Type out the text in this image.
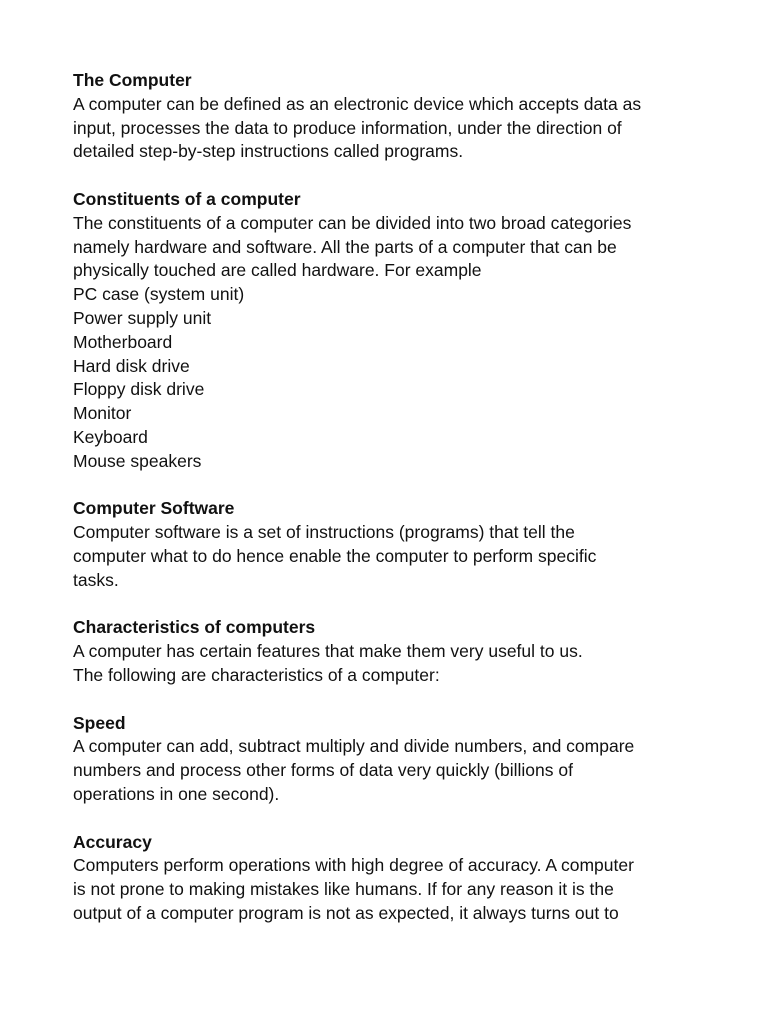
The Computer
A computer can be defined as an electronic device which accepts data as
input, processes the data to produce information, under the direction of
detailed step-by-step instructions called programs.
Constituents of a computer
The constituents of a computer can be divided into two broad categories
namely hardware and software. All the parts of a computer that can be
physically touched are called hardware. For example
PC case (system unit)
Power supply unit
Motherboard
Hard disk drive
Floppy disk drive
Monitor
Keyboard
Mouse speakers
Computer Software
Computer software is a set of instructions (programs) that tell the
computer what to do hence enable the computer to perform specific
tasks.
Characteristics of computers
A computer has certain features that make them very useful to us.
The following are characteristics of a computer:
Speed
A computer can add, subtract multiply and divide numbers, and compare
numbers and process other forms of data very quickly (billions of
operations in one second).
Accuracy
Computers perform operations with high degree of accuracy. A computer
is not prone to making mistakes like humans. If for any reason it is the
output of a computer program is not as expected, it always turns out to
